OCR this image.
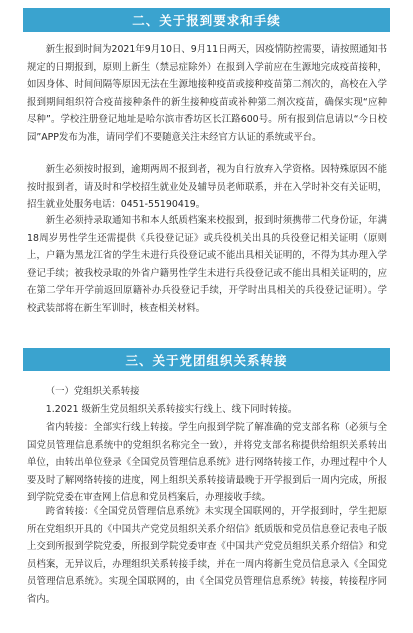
二、关于报到要求和手续

新生报到时间为2021年9月10日、9月11日两天，因疫情防控需要，请按照通知书规定的日期报到，原则上新生（禁忌症除外）在报到入学前应在生源地完成疫苗接种，如因身体、时间间隔等原因无法在生源地接种疫苗或接种疫苗第二剂次的，高校在入学报到期间组织符合疫苗接种条件的新生接种疫苗或补种第二剂次疫苗，确保实现“应种尽种”。学校注册登记地址是哈尔滨市香坊区长江路600号。所有报到信息请以“今日校园”APP发布为准，请同学们不要随意关注未经官方认证的系统或平台。

新生必须按时报到，逾期两周不报到者，视为自行放弃入学资格。因特殊原因不能按时报到者，请及时和学校招生就业处及辅导员老师联系，并在入学时补交有关证明，招生就业处服务电话：0451-55190419。

新生必须持录取通知书和本人纸质档案来校报到，报到时须携带二代身份证，年满18周岁男性学生还需提供《兵役登记证》或兵役机关出具的兵役登记相关证明（原则上，户籍为黑龙江省的学生未进行兵役登记或不能出具相关证明的，不得为其办理入学登记手续；被我校录取的外省户籍男性学生未进行兵役登记或不能出具相关证明的，应在第二学年开学前返回原籍补办兵役登记手续，开学时出具相关的兵役登记证明）。学校武装部将在新生军训时，核查相关材料。

三、关于党团组织关系转接

（一）党组织关系转接

1.2021 级新生党员组织关系转接实行线上、线下同时转接。

省内转接：全部实行线上转接。学生向报到学院了解准确的党支部名称（必须与全国党员管理信息系统中的党组织名称完全一致），并将党支部名称提供给组织关系转出单位，由转出单位登录《全国党员管理信息系统》进行网络转接工作，办理过程中个人要及时了解网络转接的进度，网上组织关系转接请最晚于开学报到后一周内完成，所报到学院党委在审查网上信息和党员档案后，办理接收手续。

跨省转接：《全国党员管理信息系统》未实现全国联网的，开学报到时，学生把原所在党组织开具的《中国共产党党员组织关系介绍信》纸质版和党员信息登记表电子版上交到所报到学院党委，所报到学院党委审查《中国共产党党员组织关系介绍信》和党员档案，无异议后，办理组织关系转接手续，并在一周内将新生党员信息录入《全国党员管理信息系统》。实现全国联网的，由《全国党员管理信息系统》转接，转接程序同省内。
